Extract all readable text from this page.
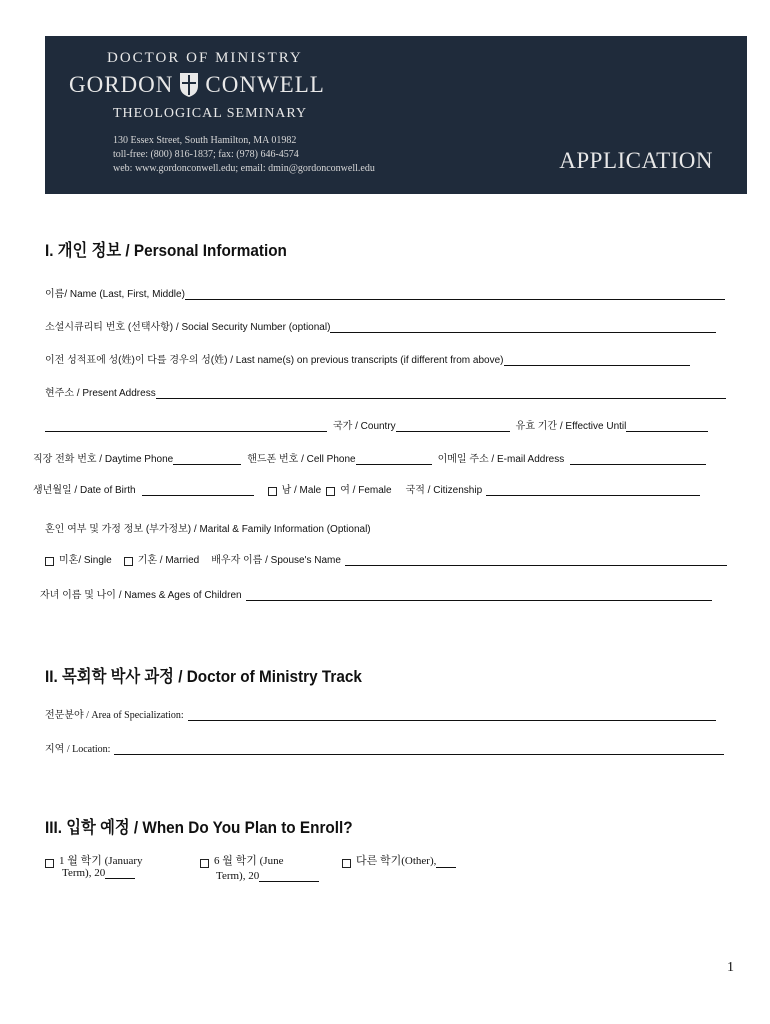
DOCTOR OF MINISTRY
GORDON CONWELL
THEOLOGICAL SEMINARY
130 Essex Street, South Hamilton, MA 01982
toll-free: (800) 816-1837; fax: (978) 646-4574
web: www.gordonconwell.edu; email: dmin@gordonconwell.edu	APPLICATION
I. 개인 정보 / Personal Information
이름/ Name (Last, First, Middle)
소셜시큐리티 번호 (선택사항) / Social Security Number (optional)
이전 성적표에 성(姓)이 다를 경우의 성(姓) / Last name(s) on previous transcripts (if different from above)
현주소 / Present Address
국가 / Country	유효 기간 / Effective Until
직장 전화 번호 / Daytime Phone	핸드폰 번호 / Cell Phone	이메일 주소 / E-mail Address
생년월일 / Date of Birth	남 / Male 여 / Female 국적 / Citizenship
혼인 여부 및 가정 정보 (부가정보) / Marital & Family Information (Optional)
미혼/ Single	기혼 / Married 배우자 이름 / Spouse's Name
자녀 이름 및 나이 / Names & Ages of Children
II. 목회학 박사 과정 / Doctor of Ministry Track
전문분야 / Area of Specialization:
지역 / Location:
III. 입학 예정 / When Do You Plan to Enroll?
1 월 학기 (January
Term), 20
6 월 학기 (June
Term), 20
다른 학기(Other),
1
